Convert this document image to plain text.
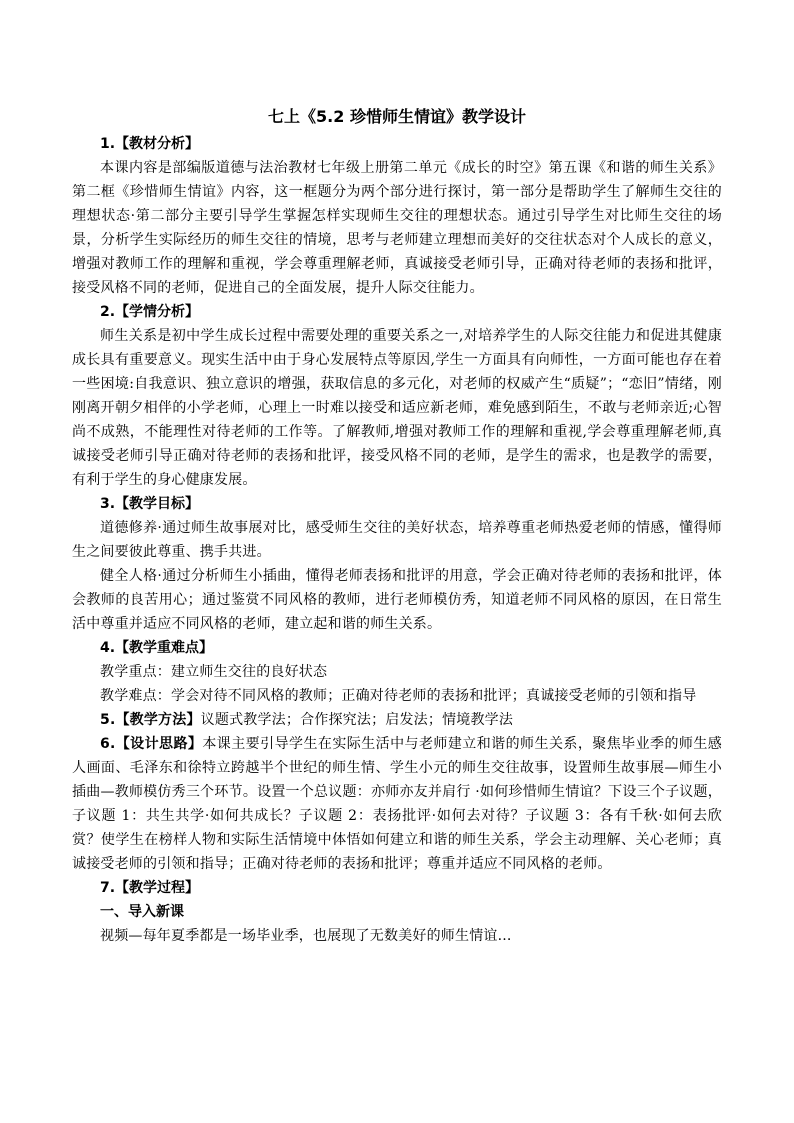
七上《5.2 珍惜师生情谊》教学设计

1.【教材分析】

本课内容是部编版道德与法治教材七年级上册第二单元《成长的时空》第五课《和谐的师生关系》第二框《珍惜师生情谊》内容，这一框题分为两个部分进行探讨，第一部分是帮助学生了解师生交往的理想状态·第二部分主要引导学生掌握怎样实现师生交往的理想状态。通过引导学生对比师生交往的场景，分析学生实际经历的师生交往的情境，思考与老师建立理想而美好的交往状态对个人成长的意义，增强对教师工作的理解和重视，学会尊重理解老师，真诚接受老师引导，正确对待老师的表扬和批评，接受风格不同的老师，促进自己的全面发展，提升人际交往能力。

2.【学情分析】

师生关系是初中学生成长过程中需要处理的重要关系之一,对培养学生的人际交往能力和促进其健康成长具有重要意义。现实生活中由于身心发展特点等原因,学生一方面具有向师性，一方面可能也存在着一些困境:自我意识、独立意识的增强，获取信息的多元化，对老师的权威产生“质疑”；“恋旧”情绪，刚刚离开朝夕相伴的小学老师，心理上一时难以接受和适应新老师，难免感到陌生，不敢与老师亲近;心智尚不成熟，不能理性对待老师的工作等。了解教师,增强对教师工作的理解和重视,学会尊重理解老师,真诚接受老师引导正确对待老师的表扬和批评，接受风格不同的老师，是学生的需求，也是教学的需要，有利于学生的身心健康发展。

3.【教学目标】

道德修养·通过师生故事展对比，感受师生交往的美好状态，培养尊重老师热爱老师的情感，懂得师生之间要彼此尊重、携手共进。

健全人格·通过分析师生小插曲，懂得老师表扬和批评的用意，学会正确对待老师的表扬和批评，体会教师的良苦用心；通过鉴赏不同风格的教师，进行老师模仿秀，知道老师不同风格的原因，在日常生活中尊重并适应不同风格的老师，建立起和谐的师生关系。

4.【教学重难点】

教学重点：建立师生交往的良好状态

教学难点：学会对待不同风格的教师；正确对待老师的表扬和批评；真诚接受老师的引领和指导

5.【教学方法】议题式教学法；合作探究法；启发法；情境教学法

6.【设计思路】本课主要引导学生在实际生活中与老师建立和谐的师生关系，聚焦毕业季的师生感人画面、毛泽东和徐特立跨越半个世纪的师生情、学生小元的师生交往故事，设置师生故事展—师生小插曲—教师模仿秀三个环节。设置一个总议题：亦师亦友并肩行 ·如何珍惜师生情谊？下设三个子议题，子议题 1：共生共学·如何共成长？子议题 2：表扬批评·如何去对待？子议题 3：各有千秋·如何去欣赏？使学生在榜样人物和实际生活情境中体悟如何建立和谐的师生关系，学会主动理解、关心老师；真诚接受老师的引领和指导；正确对待老师的表扬和批评；尊重并适应不同风格的老师。

7.【教学过程】

一、导入新课

视频—每年夏季都是一场毕业季，也展现了无数美好的师生情谊...
